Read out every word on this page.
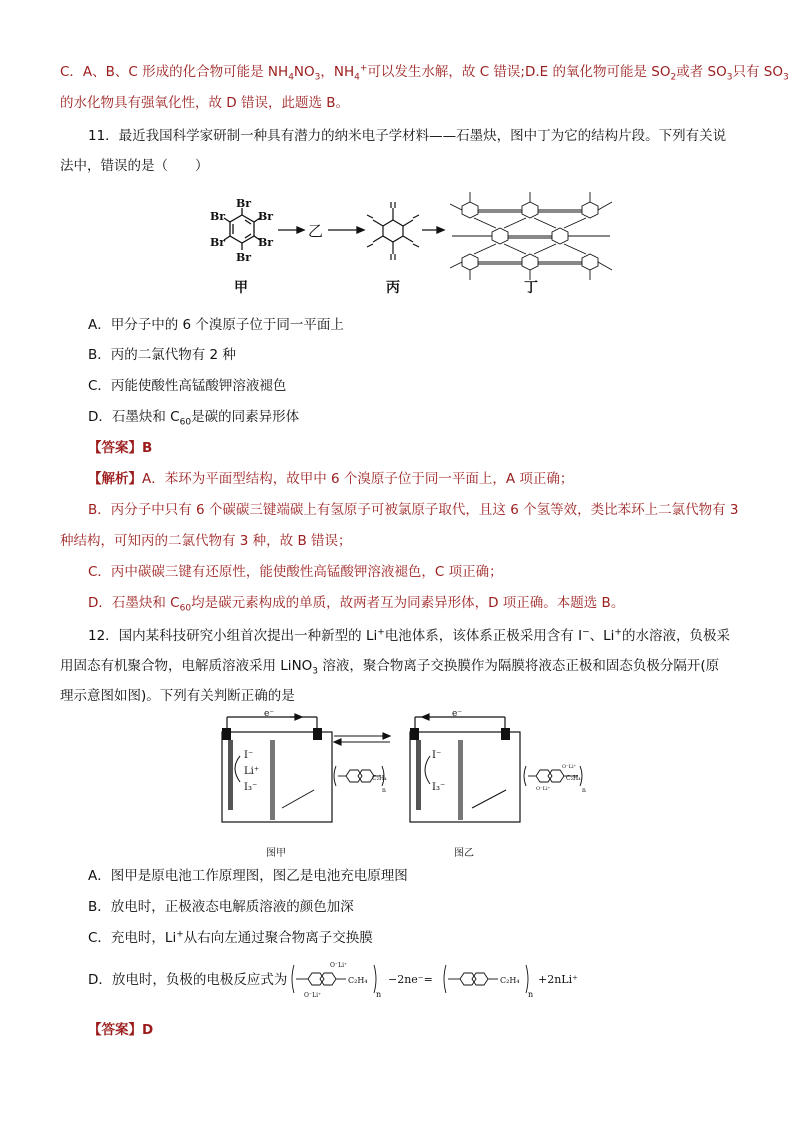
C．A、B、C 形成的化合物可能是 $NH_4NO_3$，$NH_4^+$可以发生水解，故 C 错误;D.E 的氧化物可能是 $SO_2$或者 $SO_3$只有 $SO_3$
的水化物具有强氧化性，故 D 错误，此题选 B。
11．最近我国科学家研制一种具有潜力的纳米电子学材料——石墨炔，图中丁为它的结构片段。下列有关说
法中，错误的是（　　）
Br
Br
Br
Br
Br
Br
乙
甲	丙	丁
A．甲分子中的 6 个溴原子位于同一平面上
B．丙的二氯代物有 2 种
C．丙能使酸性高锰酸钾溶液褪色
D．石墨炔和 $C_{60}$是碳的同素异形体
【答案】B
【解析】A．苯环为平面型结构，故甲中 6 个溴原子位于同一平面上，A 项正确；
B．丙分子中只有 6 个碳碳三键端碳上有氢原子可被氯原子取代，且这 6 个氢等效，类比苯环上二氯代物有 3
种结构，可知丙的二氯代物有 3 种，故 B 错误；
C．丙中碳碳三键有还原性，能使酸性高锰酸钾溶液褪色，C 项正确；
D．石墨炔和 $C_{60}$均是碳元素构成的单质，故两者互为同素异形体，D 项正确。本题选 B。
12．国内某科技研究小组首次提出一种新型的 Li+电池体系，该体系正极采用含有 I−、Li+的水溶液，负极采
用固态有机聚合物，电解质溶液采用 LiNO$_3$ 溶液，聚合物离子交换膜作为隔膜将液态正极和固态负极分隔开(原
理示意图如图)。下列有关判断正确的是
e⁻
I⁻
Li⁺
I₃⁻
C₂H₄
n
e⁻
I⁻
I₃⁻
O⁻Li⁺
O⁻Li⁺
C₂H₄
n
图甲	图乙
A．图甲是原电池工作原理图，图乙是电池充电原理图
B．放电时，正极液态电解质溶液的颜色加深
C．充电时，Li+从右向左通过聚合物离子交换膜
D．放电时，负极的电极反应式为
O⁻Li⁺
O⁻Li⁺
C₂H₄
n
−2ne⁻=	C₂H₄
n
+2nLi⁺
【答案】D
